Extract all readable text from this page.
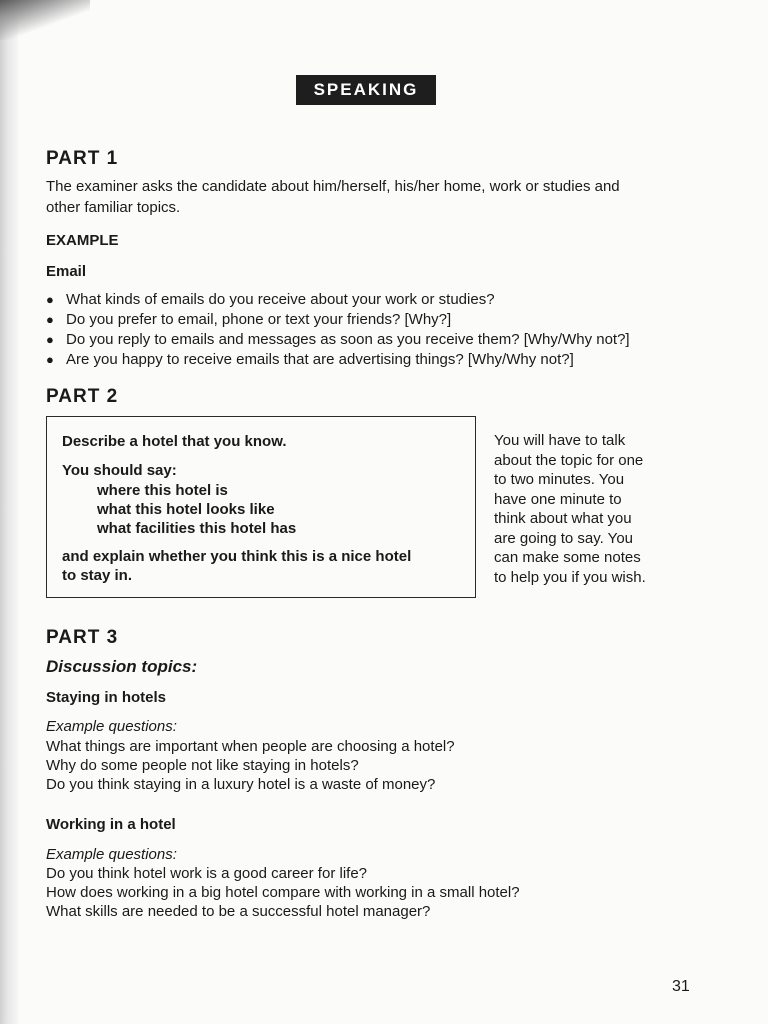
SPEAKING
PART 1
The examiner asks the candidate about him/herself, his/her home, work or studies and
other familiar topics.
EXAMPLE
Email
● What kinds of emails do you receive about your work or studies?
● Do you prefer to email, phone or text your friends? [Why?]
● Do you reply to emails and messages as soon as you receive them? [Why/Why not?]
● Are you happy to receive emails that are advertising things? [Why/Why not?]
PART 2
Describe a hotel that you know.
You should say:
where this hotel is
what this hotel looks like
what facilities this hotel has
and explain whether you think this is a nice hotel
to stay in.
You will have to talk
about the topic for one
to two minutes. You
have one minute to
think about what you
are going to say. You
can make some notes
to help you if you wish.
PART 3
Discussion topics:
Staying in hotels
Example questions:
What things are important when people are choosing a hotel?
Why do some people not like staying in hotels?
Do you think staying in a luxury hotel is a waste of money?
Working in a hotel
Example questions:
Do you think hotel work is a good career for life?
How does working in a big hotel compare with working in a small hotel?
What skills are needed to be a successful hotel manager?
31
